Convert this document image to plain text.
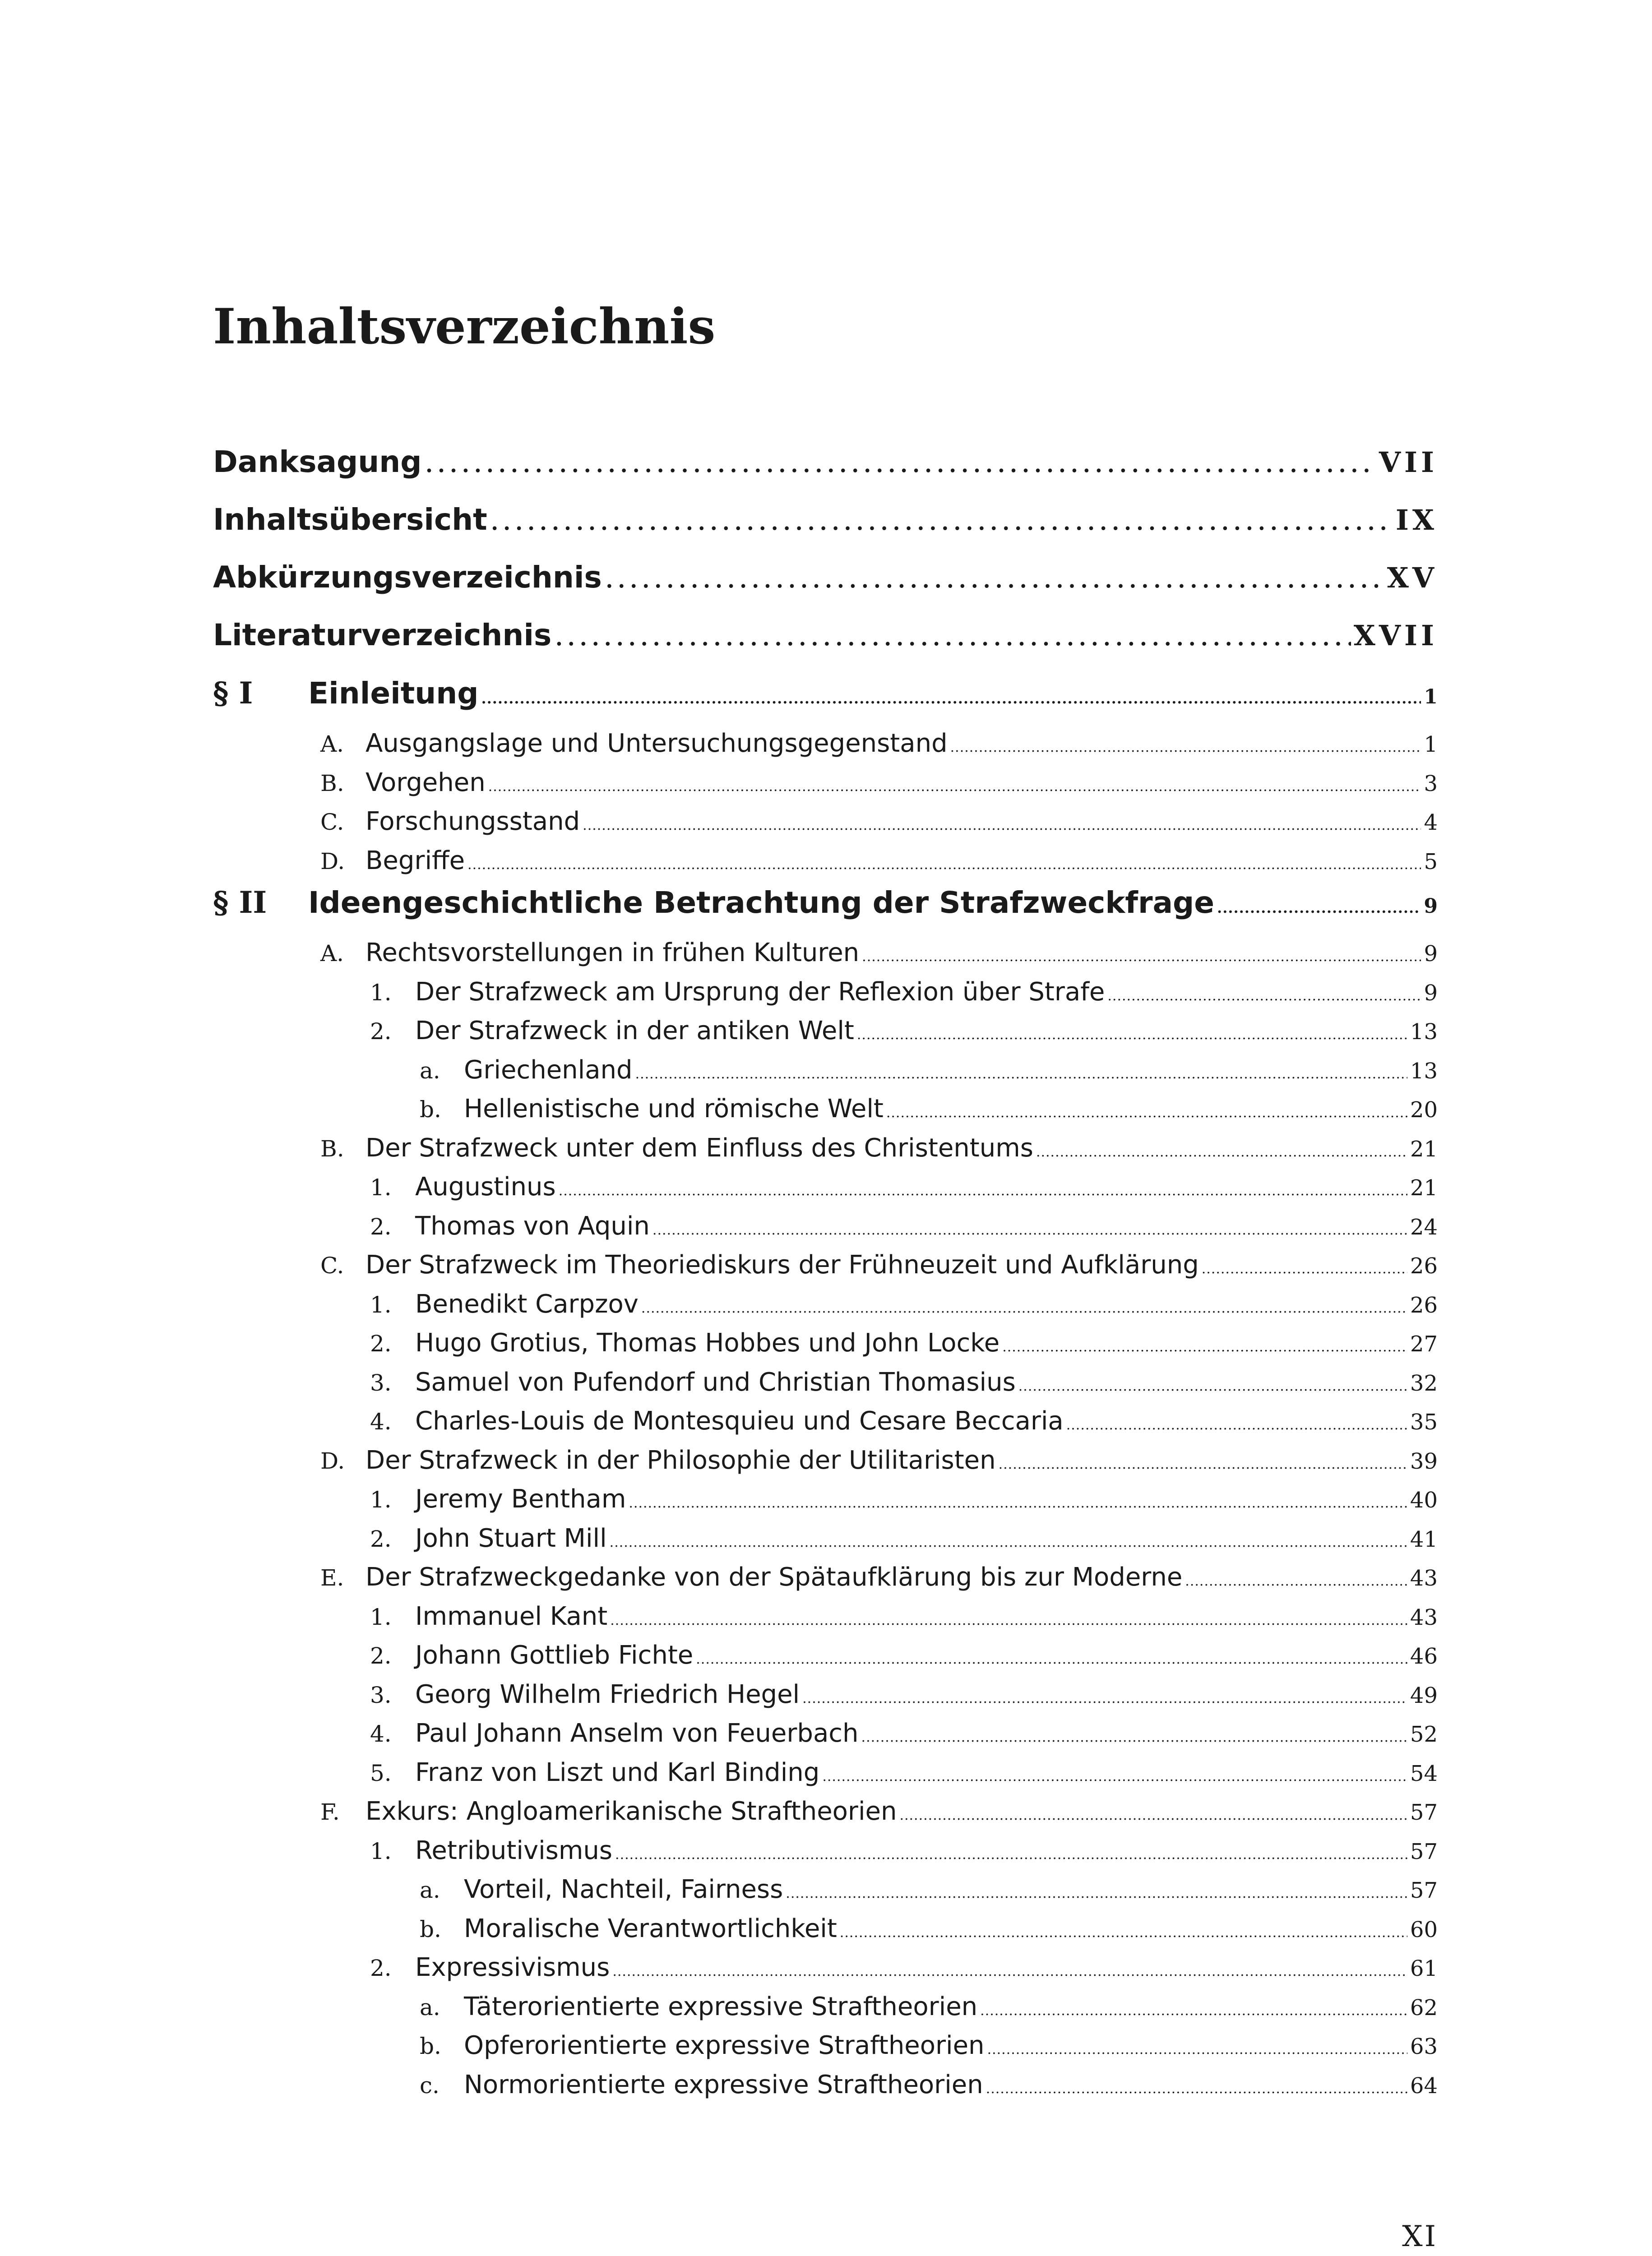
Inhaltsverzeichnis
Danksagung .....	VII
Inhaltsübersicht .....	IX
Abkürzungsverzeichnis .....	XV
Literaturverzeichnis .....	XVII
§ I	Einleitung .....	1
A. Ausgangslage und Untersuchungsgegenstand .....	1
B. Vorgehen .....	3
C. Forschungsstand .....	4
D. Begriffe .....	5
§ II	Ideengeschichtliche Betrachtung der Strafzweckfrage .....	9
A. Rechtsvorstellungen in frühen Kulturen .....	9
1. Der Strafzweck am Ursprung der Reflexion über Strafe .....	9
2. Der Strafzweck in der antiken Welt .....	13
a. Griechenland .....	13
b. Hellenistische und römische Welt .....	20
B. Der Strafzweck unter dem Einfluss des Christentums .....	21
1. Augustinus .....	21
2. Thomas von Aquin .....	24
C. Der Strafzweck im Theoriediskurs der Frühneuzeit und Aufklärung .....	26
1. Benedikt Carpzov .....	26
2. Hugo Grotius, Thomas Hobbes und John Locke .....	27
3. Samuel von Pufendorf und Christian Thomasius .....	32
4. Charles-Louis de Montesquieu und Cesare Beccaria .....	35
D. Der Strafzweck in der Philosophie der Utilitaristen .....	39
1. Jeremy Bentham .....	40
2. John Stuart Mill .....	41
E. Der Strafzweckgedanke von der Spätaufklärung bis zur Moderne .....	43
1. Immanuel Kant .....	43
2. Johann Gottlieb Fichte .....	46
3. Georg Wilhelm Friedrich Hegel .....	49
4. Paul Johann Anselm von Feuerbach .....	52
5. Franz von Liszt und Karl Binding .....	54
F.	Exkurs: Angloamerikanische Straftheorien .....	57
1. Retributivismus .....	57
a. Vorteil, Nachteil, Fairness .....	57
b. Moralische Verantwortlichkeit .....	60
2. Expressivismus .....	61
a. Täterorientierte expressive Straftheorien .....	62
b. Opferorientierte expressive Straftheorien .....	63
c. Normorientierte expressive Straftheorien .....	64
XI
